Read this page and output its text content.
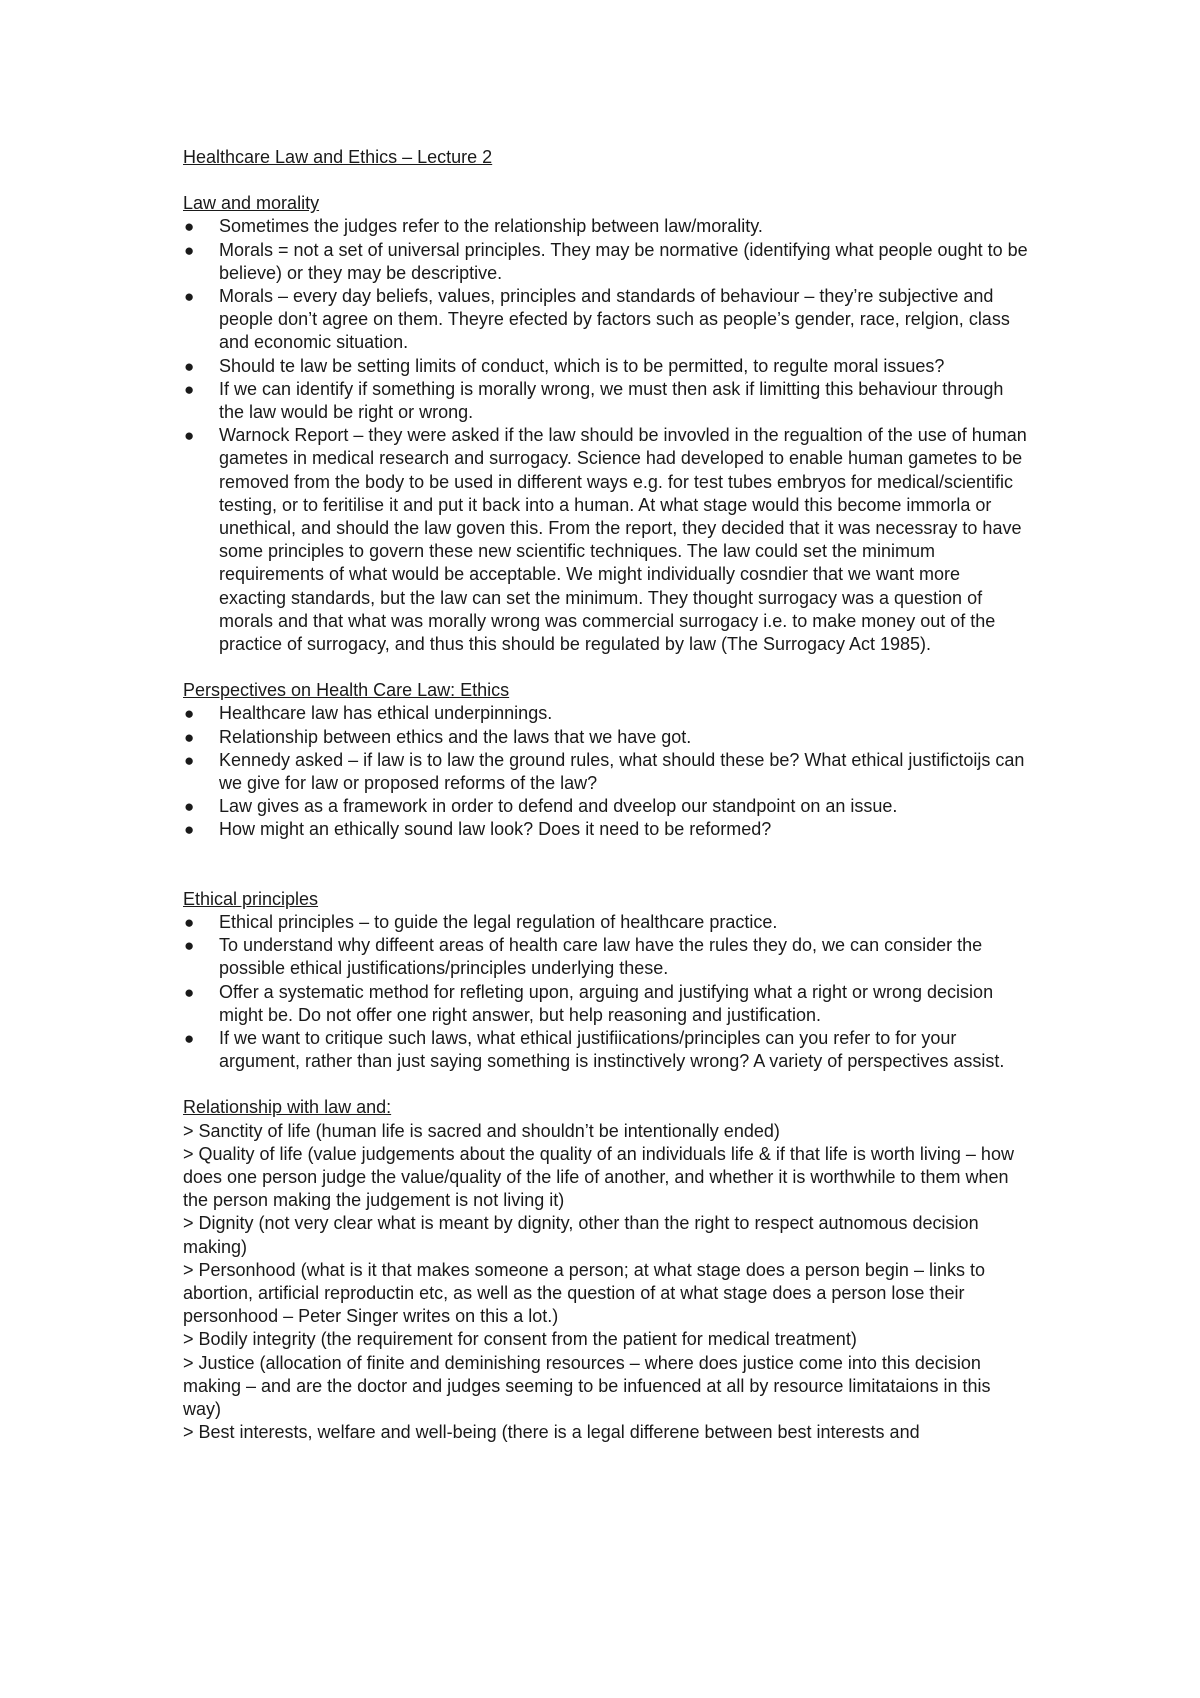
Healthcare Law and Ethics – Lecture 2

Law and morality

●	Sometimes the judges refer to the relationship between law/morality.
●	Morals = not a set of universal principles. They may be normative (identifying what people ought to be believe) or they may be descriptive.
●	Morals – every day beliefs, values, principles and standards of behaviour – they’re subjective and people don’t agree on them. Theyre efected by factors such as people’s gender, race, relgion, class and economic situation.
●	Should te law be setting limits of conduct, which is to be permitted, to regulte moral issues?
●	If we can identify if something is morally wrong, we must then ask if limitting this behaviour through the law would be right or wrong.
●	Warnock Report – they were asked if the law should be invovled in the regualtion of the use of human gametes in medical research and surrogacy. Science had developed to enable human gametes to be removed from the body to be used in different ways e.g. for test tubes embryos for medical/scientific testing, or to feritilise it and put it back into a human. At what stage would this become immorla or unethical, and should the law goven this. From the report, they decided that it was necessray to have some principles to govern these new scientific techniques. The law could set the minimum requirements of what would be acceptable. We might individually cosndier that we want more exacting standards, but the law can set the minimum. They thought surrogacy was a question of morals and that what was morally wrong was commercial surrogacy i.e. to make money out of the practice of surrogacy, and thus this should be regulated by law (The Surrogacy Act 1985).

Perspectives on Health Care Law: Ethics

●	Healthcare law has ethical underpinnings.
●	Relationship between ethics and the laws that we have got.
●	Kennedy asked – if law is to law the ground rules, what should these be? What ethical justifictoijs can we give for law or proposed reforms of the law?
●	Law gives as a framework in order to defend and dveelop our standpoint on an issue.
●	How might an ethically sound law look? Does it need to be reformed?

Ethical principles

●	Ethical principles – to guide the legal regulation of healthcare practice.
●	To understand why diffeent areas of health care law have the rules they do, we can consider the possible ethical justifications/principles underlying these.
●	Offer a systematic method for refleting upon, arguing and justifying what a right or wrong decision might be. Do not offer one right answer, but help reasoning and justification.
●	If we want to critique such laws, what ethical justifiications/principles can you refer to for your argument, rather than just saying something is instinctively wrong? A variety of perspectives assist.

Relationship with law and:

> Sanctity of life (human life is sacred and shouldn’t be intentionally ended)

> Quality of life (value judgements about the quality of an individuals life & if that life is worth living – how does one person judge the value/quality of the life of another, and whether it is worthwhile to them when the person making the judgement is not living it)

> Dignity (not very clear what is meant by dignity, other than the right to respect autnomous decision making)

> Personhood (what is it that makes someone a person; at what stage does a person begin – links to abortion, artificial reproductin etc, as well as the question of at what stage does a person lose their personhood – Peter Singer writes on this a lot.)

> Bodily integrity (the requirement for consent from the patient for medical treatment)

> Justice (allocation of finite and deminishing resources – where does justice come into this decision making – and are the doctor and judges seeming to be infuenced at all by resource limitataions in this way)

> Best interests, welfare and well-being (there is a legal differene between best interests and
